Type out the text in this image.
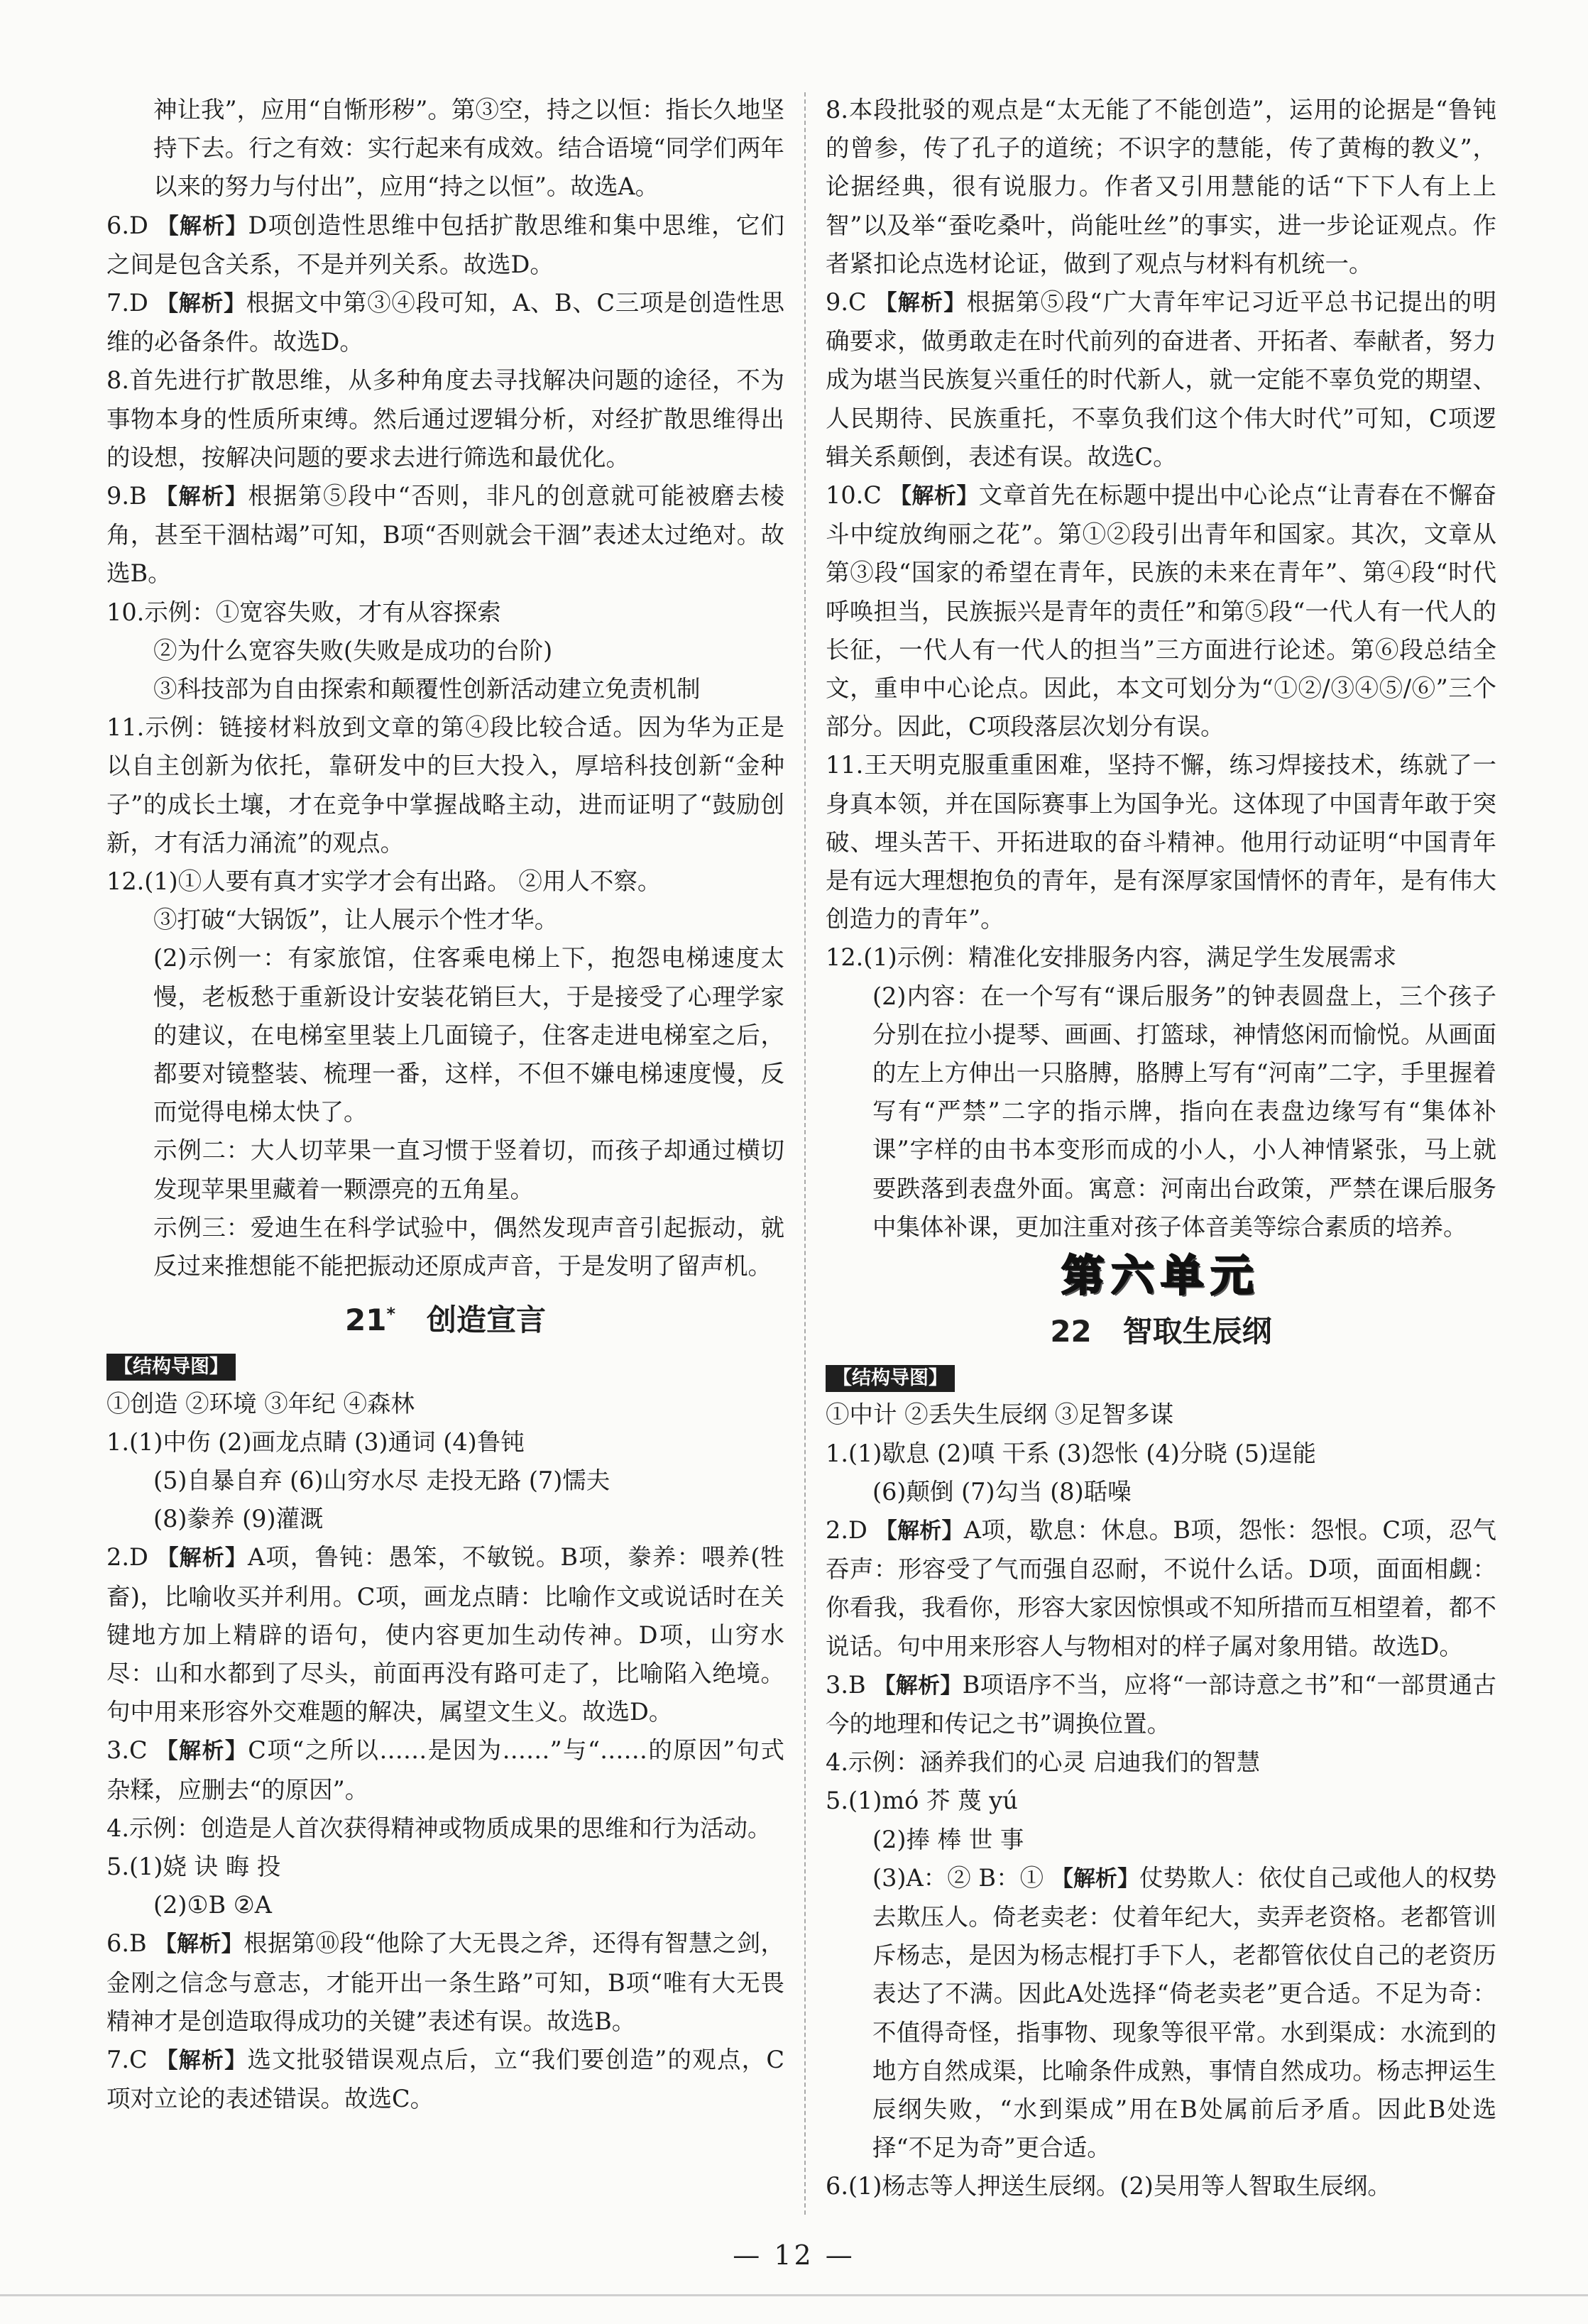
神让我”，应用“自惭形秽”。第③空，持之以恒：指长久地坚持下去。行之有效：实行起来有成效。结合语境“同学们两年以来的努力与付出”，应用“持之以恒”。故选A。

6.D 【解析】D项创造性思维中包括扩散思维和集中思维，它们之间是包含关系，不是并列关系。故选D。

7.D 【解析】根据文中第③④段可知，A、B、C三项是创造性思维的必备条件。故选D。

8.首先进行扩散思维，从多种角度去寻找解决问题的途径，不为事物本身的性质所束缚。然后通过逻辑分析，对经扩散思维得出的设想，按解决问题的要求去进行筛选和最优化。

9.B 【解析】根据第⑤段中“否则，非凡的创意就可能被磨去棱角，甚至干涸枯竭”可知，B项“否则就会干涸”表述太过绝对。故选B。

10.示例：①宽容失败，才有从容探索

②为什么宽容失败(失败是成功的台阶)

③科技部为自由探索和颠覆性创新活动建立免责机制

11.示例：链接材料放到文章的第④段比较合适。因为华为正是以自主创新为依托，靠研发中的巨大投入，厚培科技创新“金种子”的成长土壤，才在竞争中掌握战略主动，进而证明了“鼓励创新，才有活力涌流”的观点。

12.(1)①人要有真才实学才会有出路。 ②用人不察。

③打破“大锅饭”，让人展示个性才华。

(2)示例一：有家旅馆，住客乘电梯上下，抱怨电梯速度太慢，老板愁于重新设计安装花销巨大，于是接受了心理学家的建议，在电梯室里装上几面镜子，住客走进电梯室之后，都要对镜整装、梳理一番，这样，不但不嫌电梯速度慢，反而觉得电梯太快了。

示例二：大人切苹果一直习惯于竖着切，而孩子却通过横切发现苹果里藏着一颗漂亮的五角星。

示例三：爱迪生在科学试验中，偶然发现声音引起振动，就反过来推想能不能把振动还原成声音，于是发明了留声机。

21* 创造宣言
【结构导图】

①创造 ②环境 ③年纪 ④森林

1.(1)中伤 (2)画龙点睛 (3)通词 (4)鲁钝

(5)自暴自弃 (6)山穷水尽 走投无路 (7)懦夫

(8)豢养 (9)灌溉

2.D 【解析】A项，鲁钝：愚笨，不敏锐。B项，豢养：喂养(牲畜)，比喻收买并利用。C项，画龙点睛：比喻作文或说话时在关键地方加上精辟的语句，使内容更加生动传神。D项，山穷水尽：山和水都到了尽头，前面再没有路可走了，比喻陷入绝境。句中用来形容外交难题的解决，属望文生义。故选D。

3.C 【解析】C项“之所以……是因为……”与“……的原因”句式杂糅，应删去“的原因”。

4.示例：创造是人首次获得精神或物质成果的思维和行为活动。

5.(1)娆 诀 晦 投

(2)①B ②A

6.B 【解析】根据第⑩段“他除了大无畏之斧，还得有智慧之剑，金刚之信念与意志，才能开出一条生路”可知，B项“唯有大无畏精神才是创造取得成功的关键”表述有误。故选B。

7.C 【解析】选文批驳错误观点后，立“我们要创造”的观点，C项对立论的表述错误。故选C。

8.本段批驳的观点是“太无能了不能创造”，运用的论据是“鲁钝的曾参，传了孔子的道统；不识字的慧能，传了黄梅的教义”，论据经典，很有说服力。作者又引用慧能的话“下下人有上上智”以及举“蚕吃桑叶，尚能吐丝”的事实，进一步论证观点。作者紧扣论点选材论证，做到了观点与材料有机统一。

9.C 【解析】根据第⑤段“广大青年牢记习近平总书记提出的明确要求，做勇敢走在时代前列的奋进者、开拓者、奉献者，努力成为堪当民族复兴重任的时代新人，就一定能不辜负党的期望、人民期待、民族重托，不辜负我们这个伟大时代”可知，C项逻辑关系颠倒，表述有误。故选C。

10.C 【解析】文章首先在标题中提出中心论点“让青春在不懈奋斗中绽放绚丽之花”。第①②段引出青年和国家。其次，文章从第③段“国家的希望在青年，民族的未来在青年”、第④段“时代呼唤担当，民族振兴是青年的责任”和第⑤段“一代人有一代人的长征，一代人有一代人的担当”三方面进行论述。第⑥段总结全文，重申中心论点。因此，本文可划分为“①②/③④⑤/⑥”三个部分。因此，C项段落层次划分有误。

11.王天明克服重重困难，坚持不懈，练习焊接技术，练就了一身真本领，并在国际赛事上为国争光。这体现了中国青年敢于突破、埋头苦干、开拓进取的奋斗精神。他用行动证明“中国青年是有远大理想抱负的青年，是有深厚家国情怀的青年，是有伟大创造力的青年”。

12.(1)示例：精准化安排服务内容，满足学生发展需求

(2)内容：在一个写有“课后服务”的钟表圆盘上，三个孩子分别在拉小提琴、画画、打篮球，神情悠闲而愉悦。从画面的左上方伸出一只胳膊，胳膊上写有“河南”二字，手里握着写有“严禁”二字的指示牌，指向在表盘边缘写有“集体补课”字样的由书本变形而成的小人，小人神情紧张，马上就要跌落到表盘外面。寓意：河南出台政策，严禁在课后服务中集体补课，更加注重对孩子体音美等综合素质的培养。

第六单元
22 智取生辰纲
【结构导图】

①中计 ②丢失生辰纲 ③足智多谋

1.(1)歇息 (2)嗔 干系 (3)怨怅 (4)分晓 (5)逞能

(6)颠倒 (7)勾当 (8)聒噪

2.D 【解析】A项，歇息：休息。B项，怨怅：怨恨。C项，忍气吞声：形容受了气而强自忍耐，不说什么话。D项，面面相觑：你看我，我看你，形容大家因惊惧或不知所措而互相望着，都不说话。句中用来形容人与物相对的样子属对象用错。故选D。

3.B 【解析】B项语序不当，应将“一部诗意之书”和“一部贯通古今的地理和传记之书”调换位置。

4.示例：涵养我们的心灵 启迪我们的智慧

5.(1)mó 芥 蔑 yú

(2)捧 棒 世 事

(3)A：② B：① 【解析】仗势欺人：依仗自己或他人的权势去欺压人。倚老卖老：仗着年纪大，卖弄老资格。老都管训斥杨志，是因为杨志棍打手下人，老都管依仗自己的老资历表达了不满。因此A处选择“倚老卖老”更合适。不足为奇：不值得奇怪，指事物、现象等很平常。水到渠成：水流到的地方自然成渠，比喻条件成熟，事情自然成功。杨志押运生辰纲失败，“水到渠成”用在B处属前后矛盾。因此B处选择“不足为奇”更合适。

6.(1)杨志等人押送生辰纲。(2)吴用等人智取生辰纲。

— 12 —
